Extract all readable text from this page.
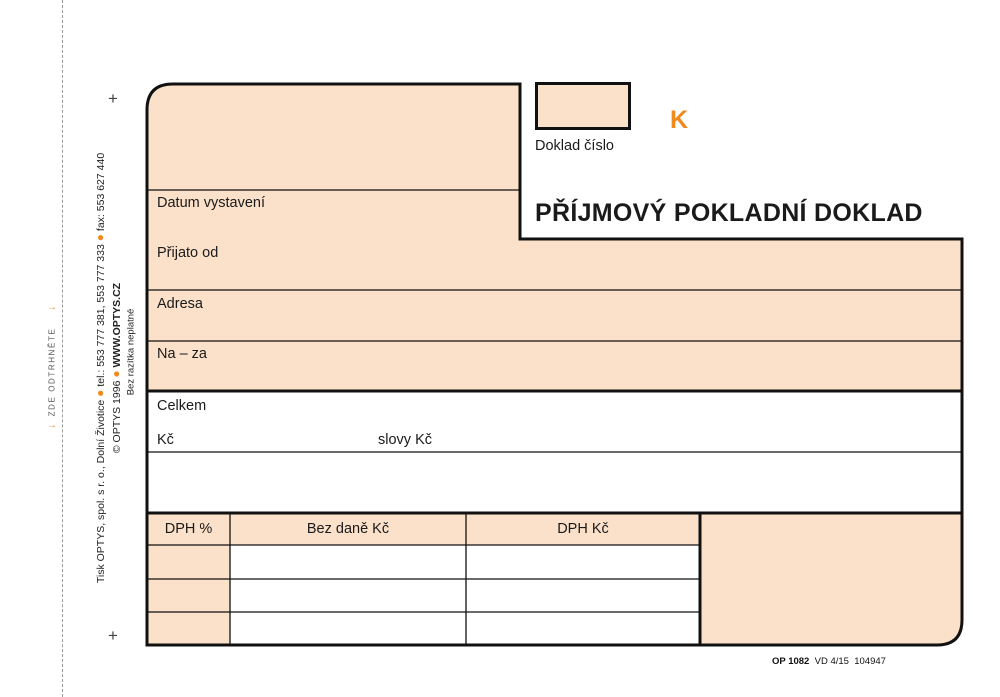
→
ZDE ODTRHNĚTE
→	Tisk OPTYS, spol. s r. o., Dolní Životice ● tel.: 553 777 381, 553 777 333 ● fax: 553 627 440
© OPTYS 1996 ● WWW.OPTYS.CZ Bez razítka neplatné
+
+
Doklad číslo
K
PŘÍJMOVÝ POKLADNÍ DOKLAD
Datum vystavení
Přijato od
Adresa
Na – za
Celkem
Kč	slovy Kč
DPH %	Bez daně Kč	DPH Kč
OP 1082 VD 4/15 104947
